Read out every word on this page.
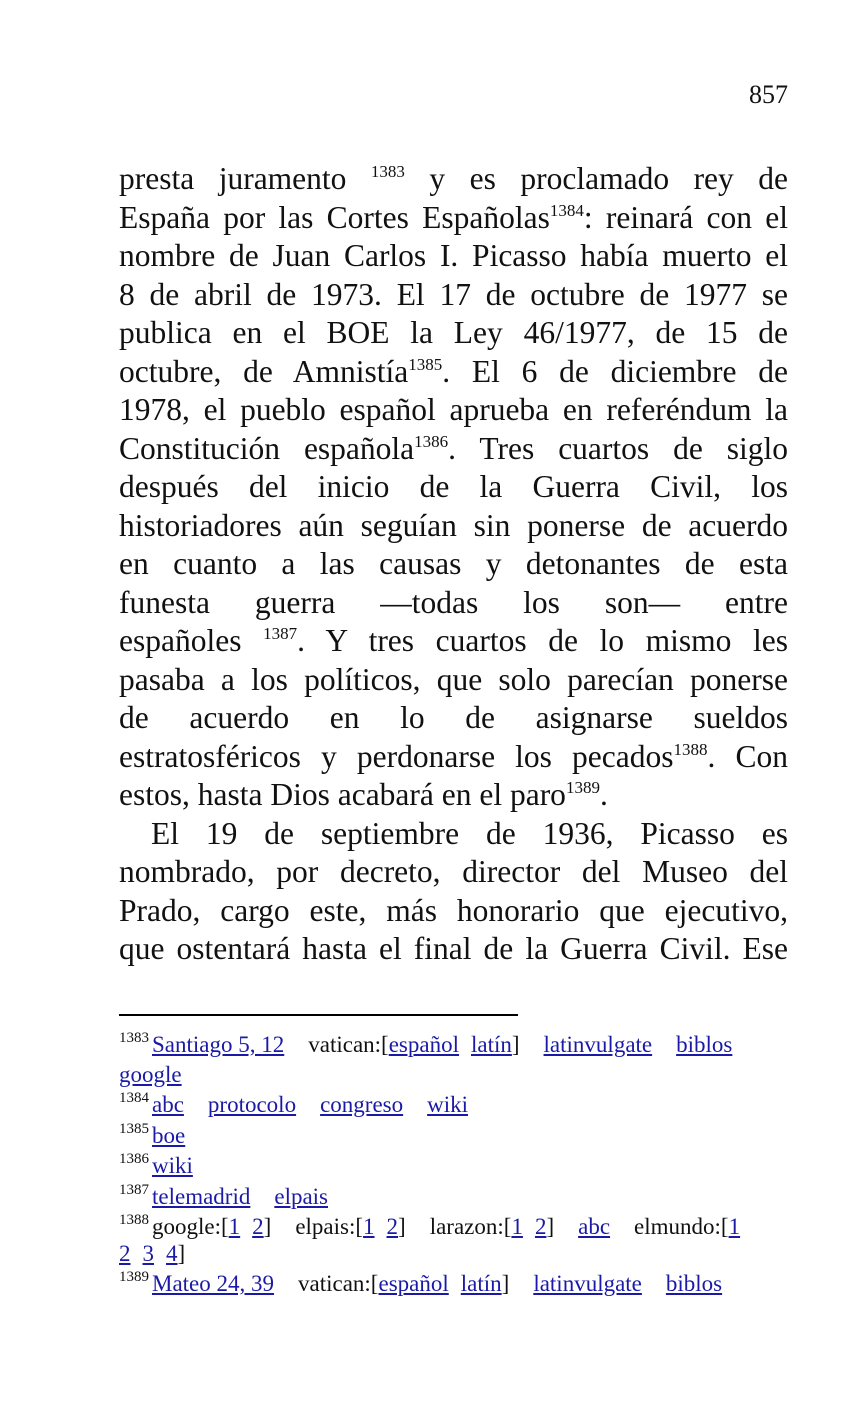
857
presta juramento $^{1383}$ y es proclamado rey de
España por las Cortes Españolas$^{1384}$: reinará con el
nombre de Juan Carlos I. Picasso había muerto el
8 de abril de 1973. El 17 de octubre de 1977 se
publica en el BOE la Ley 46/1977, de 15 de
octubre, de Amnistía$^{1385}$. El 6 de diciembre de
1978, el pueblo español aprueba en referéndum la
Constitución española$^{1386}$. Tres cuartos de siglo
después del inicio de la Guerra Civil, los
historiadores aún seguían sin ponerse de acuerdo
en cuanto a las causas y detonantes de esta
funesta guerra —todas los son— entre
españoles $^{1387}$. Y tres cuartos de lo mismo les
pasaba a los políticos, que solo parecían ponerse
de acuerdo en lo de asignarse sueldos
estratosféricos y perdonarse los pecados$^{1388}$. Con
estos, hasta Dios acabará en el paro$^{1389}$.
El 19 de septiembre de 1936, Picasso es
nombrado, por decreto, director del Museo del
Prado, cargo este, más honorario que ejecutivo,
que ostentará hasta el final de la Guerra Civil. Ese
$^{1383}$ Santiago 5, 12 vatican:[español latín] latinvulgate biblos
google
$^{1384}$ abc protocolo congreso wiki
$^{1385}$ boe
$^{1386}$ wiki
$^{1387}$ telemadrid elpais
$^{1388}$ google:[1 2] elpais:[1 2] larazon:[1 2] abc elmundo:[1
2 3 4]
$^{1389}$ Mateo 24, 39 vatican:[español latín] latinvulgate biblos
